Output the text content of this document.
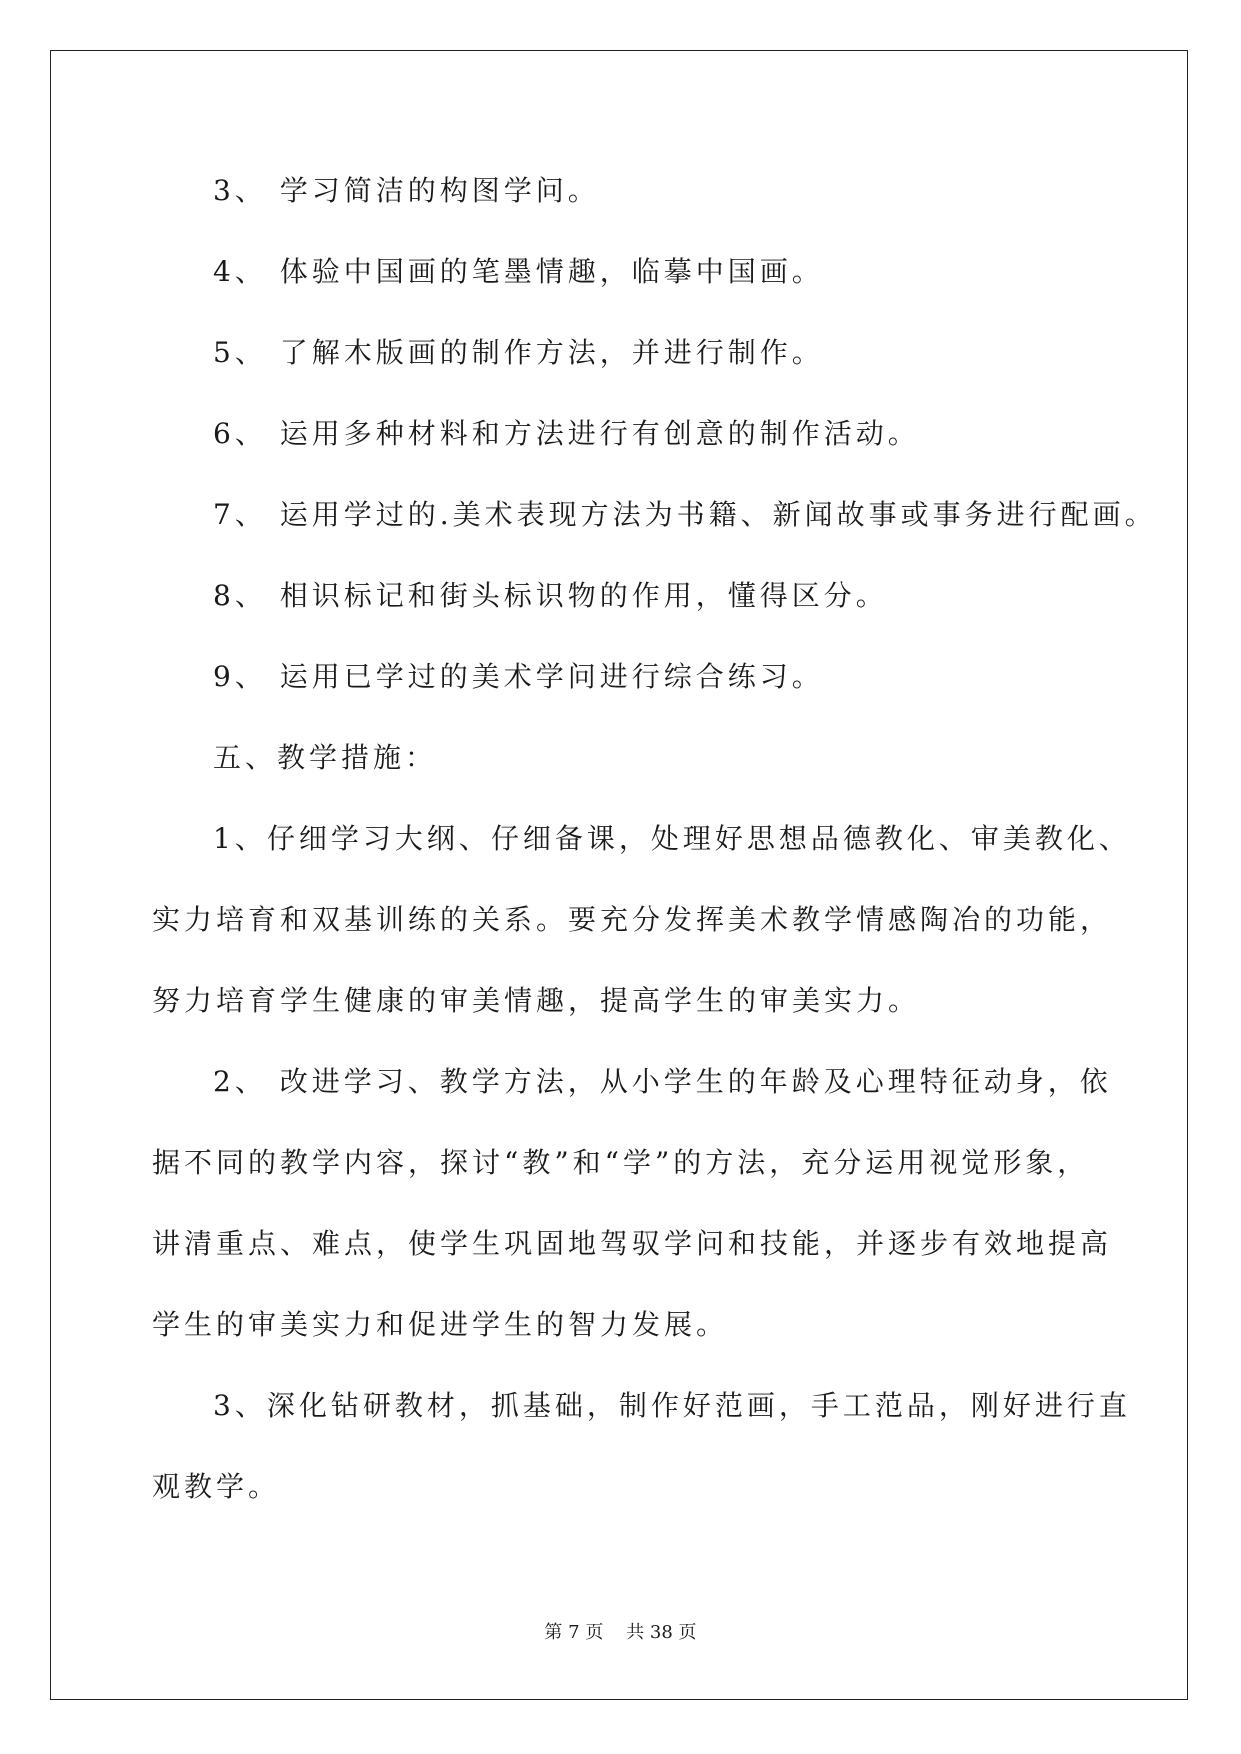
3、 学习简洁的构图学问。
4、 体验中国画的笔墨情趣，临摹中国画。
5、 了解木版画的制作方法，并进行制作。
6、 运用多种材料和方法进行有创意的制作活动。
7、 运用学过的.美术表现方法为书籍、新闻故事或事务进行配画。
8、 相识标记和街头标识物的作用，懂得区分。
9、 运用已学过的美术学问进行综合练习。
五、教学措施：
1、仔细学习大纲、仔细备课，处理好思想品德教化、审美教化、
实力培育和双基训练的关系。要充分发挥美术教学情感陶冶的功能，
努力培育学生健康的审美情趣，提高学生的审美实力。
2、 改进学习、教学方法，从小学生的年龄及心理特征动身，依
据不同的教学内容，探讨“教”和“学”的方法，充分运用视觉形象，
讲清重点、难点，使学生巩固地驾驭学问和技能，并逐步有效地提高
学生的审美实力和促进学生的智力发展。
3、深化钻研教材，抓基础，制作好范画，手工范品，刚好进行直
观教学。
第 7 页    共 38 页
